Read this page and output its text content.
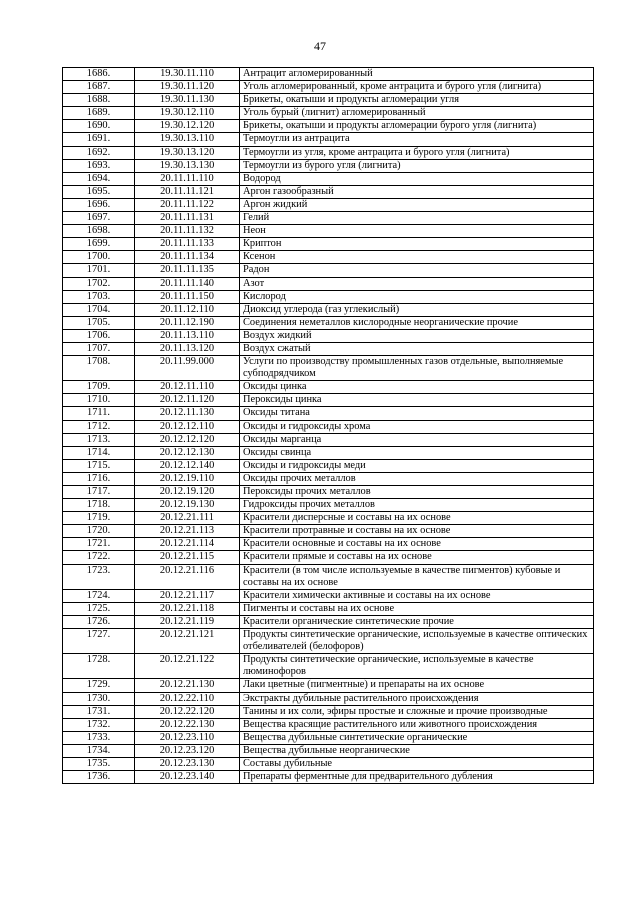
47
1686.	19.30.11.110	Антрацит агломерированный
1687.	19.30.11.120	Уголь агломерированный, кроме антрацита и бурого угля (лигнита)
1688.	19.30.11.130	Брикеты, окатыши и продукты агломерации угля
1689.	19.30.12.110	Уголь бурый (лигнит) агломерированный
1690.	19.30.12.120	Брикеты, окатыши и продукты агломерации бурого угля (лигнита)
1691.	19.30.13.110	Термоугли из антрацита
1692.	19.30.13.120	Термоугли из угля, кроме антрацита и бурого угля (лигнита)
1693.	19.30.13.130	Термоугли из бурого угля (лигнита)
1694.	20.11.11.110	Водород
1695.	20.11.11.121	Аргон газообразный
1696.	20.11.11.122	Аргон жидкий
1697.	20.11.11.131	Гелий
1698.	20.11.11.132	Неон
1699.	20.11.11.133	Криптон
1700.	20.11.11.134	Ксенон
1701.	20.11.11.135	Радон
1702.	20.11.11.140	Азот
1703.	20.11.11.150	Кислород
1704.	20.11.12.110	Диоксид углерода (газ углекислый)
1705.	20.11.12.190	Соединения неметаллов кислородные неорганические прочие
1706.	20.11.13.110	Воздух жидкий
1707.	20.11.13.120	Воздух сжатый
1708.	20.11.99.000	Услуги по производству промышленных газов отдельные, выполняемые субподрядчиком
1709.	20.12.11.110	Оксиды цинка
1710.	20.12.11.120	Пероксиды цинка
1711.	20.12.11.130	Оксиды титана
1712.	20.12.12.110	Оксиды и гидроксиды хрома
1713.	20.12.12.120	Оксиды марганца
1714.	20.12.12.130	Оксиды свинца
1715.	20.12.12.140	Оксиды и гидроксиды меди
1716.	20.12.19.110	Оксиды прочих металлов
1717.	20.12.19.120	Пероксиды прочих металлов
1718.	20.12.19.130	Гидроксиды прочих металлов
1719.	20.12.21.111	Красители дисперсные и составы на их основе
1720.	20.12.21.113	Красители протравные и составы на их основе
1721.	20.12.21.114	Красители основные и составы на их основе
1722.	20.12.21.115	Красители прямые и составы на их основе
1723.	20.12.21.116	Красители (в том числе используемые в качестве пигментов) кубовые и составы на их основе
1724.	20.12.21.117	Красители химически активные и составы на их основе
1725.	20.12.21.118	Пигменты и составы на их основе
1726.	20.12.21.119	Красители органические синтетические прочие
1727.	20.12.21.121	Продукты синтетические органические, используемые в качестве оптических отбеливателей (белофоров)
1728.	20.12.21.122	Продукты синтетические органические, используемые в качестве люминофоров
1729.	20.12.21.130	Лаки цветные (пигментные) и препараты на их основе
1730.	20.12.22.110	Экстракты дубильные растительного происхождения
1731.	20.12.22.120	Танины и их соли, эфиры простые и сложные и прочие производные
1732.	20.12.22.130	Вещества красящие растительного или животного происхождения
1733.	20.12.23.110	Вещества дубильные синтетические органические
1734.	20.12.23.120	Вещества дубильные неорганические
1735.	20.12.23.130	Составы дубильные
1736.	20.12.23.140	Препараты ферментные для предварительного дубления
